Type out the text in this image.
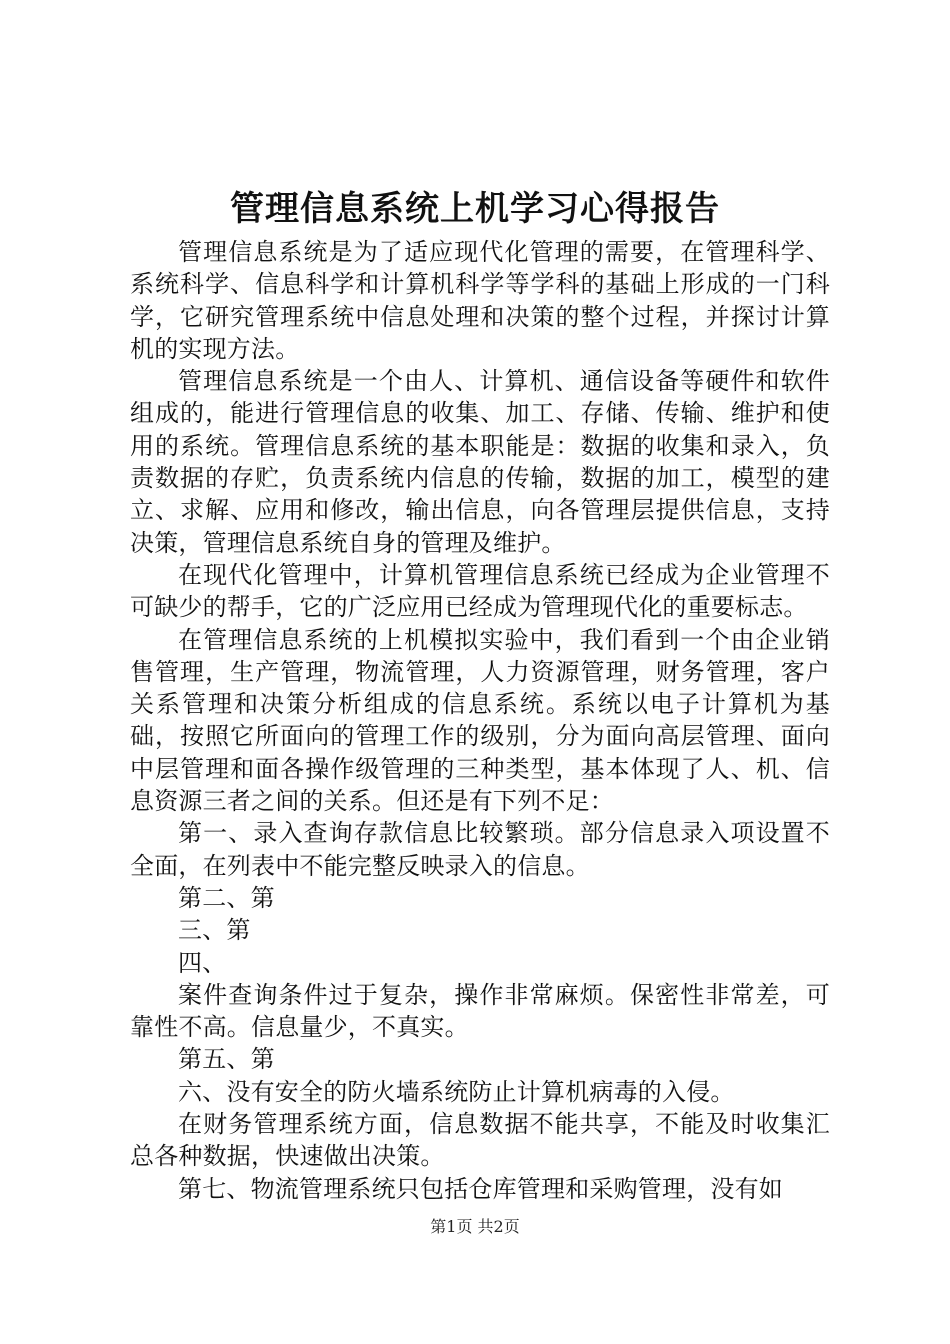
管理信息系统上机学习心得报告

管理信息系统是为了适应现代化管理的需要，在管理科学、系统科学、信息科学和计算机科学等学科的基础上形成的一门科学，它研究管理系统中信息处理和决策的整个过程，并探讨计算机的实现方法。

管理信息系统是一个由人、计算机、通信设备等硬件和软件组成的，能进行管理信息的收集、加工、存储、传输、维护和使用的系统。管理信息系统的基本职能是：数据的收集和录入，负责数据的存贮，负责系统内信息的传输，数据的加工，模型的建立、求解、应用和修改，输出信息，向各管理层提供信息，支持决策，管理信息系统自身的管理及维护。

在现代化管理中，计算机管理信息系统已经成为企业管理不可缺少的帮手，它的广泛应用已经成为管理现代化的重要标志。

在管理信息系统的上机模拟实验中，我们看到一个由企业销售管理，生产管理，物流管理，人力资源管理，财务管理，客户关系管理和决策分析组成的信息系统。系统以电子计算机为基础，按照它所面向的管理工作的级别，分为面向高层管理、面向中层管理和面各操作级管理的三种类型，基本体现了人、机、信息资源三者之间的关系。但还是有下列不足：

第一、录入查询存款信息比较繁琐。部分信息录入项设置不全面，在列表中不能完整反映录入的信息。

第二、第

三、第

四、

案件查询条件过于复杂，操作非常麻烦。保密性非常差，可靠性不高。信息量少，不真实。

第五、第

六、没有安全的防火墙系统防止计算机病毒的入侵。

在财务管理系统方面，信息数据不能共享，不能及时收集汇总各种数据，快速做出决策。

第七、物流管理系统只包括仓库管理和采购管理，没有如

第1页 共2页
